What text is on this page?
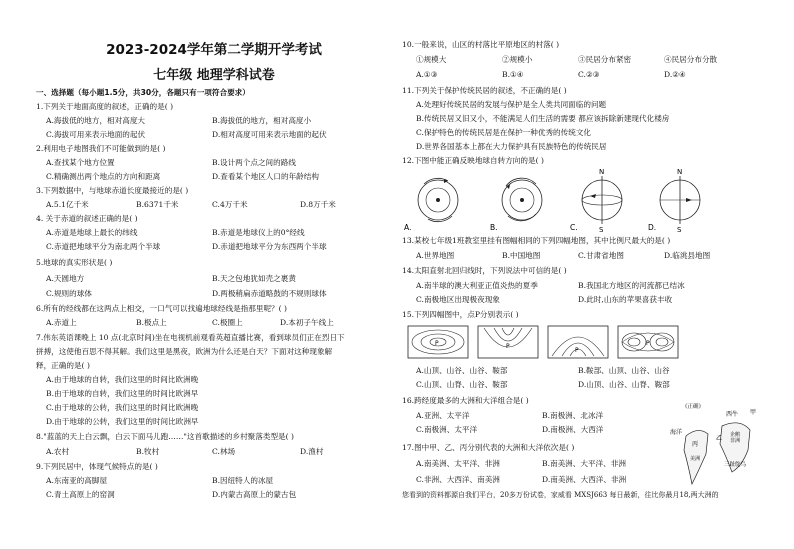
2023-2024学年第二学期开学考试
七年级 地理学科试卷
一、选择题（每小题1.5分，共30分，各题只有一项符合要求）
1.下列关于地面高度的叙述，正确的是( )
A.海拔低的地方，相对高度大	B.海拔低的地方，相对高度小
C.海拔可用来表示地面的起伏	D.相对高度可用来表示地面的起伏
2.利用电子地图我们不可能做到的是( )
A.查找某个地方位置	B.设计两个点之间的路线
C.精确测出两个地点的方向和距离	D.查看某个地区人口的年龄结构
3.下列数据中，与地球赤道长度最接近的是( )
A.5.1亿千米	B.6371千米	C.4万千米	D.8万千米
4. 关于赤道的叙述正确的是( )
A.赤道是地球上最长的纬线	B.赤道是地球仪上的0°经线
C.赤道把地球平分为南北两个半球	D.赤道把地球平分为东西两个半球
5.地球的真实形状是( )
A.天圆地方	B.天之包地犹如壳之裹黄
C.规则的球体	D.两极稍扁赤道略鼓的不规则球体
6.所有的经线都在这两点上相交，一口气可以找遍地球经线是指那里呢？( )
A.赤道上	B.极点上	C.极圈上	D.本初子午线上
7.伟东英语课晚上 10 点(北京时间)坐在电视机前观看英超直播比赛，看到球员们正在烈日下
拼搏，这使他百思不得其解。我们这里是黑夜，欧洲为什么还是白天？下面对这种现象解
释，正确的是( )
A.由于地球的自转，我们这里的时间比欧洲晚
B.由于地球的自转，我们这里的时间比欧洲早
C.由于地球的公转，我们这里的时间比欧洲晚
D.由于地球的公转，我们这里的时间比欧洲早
8."蓝蓝的天上白云飘，白云下面马儿跑……"这首歌描述的乡村聚落类型是( )
A.农村	B.牧村	C.林场	D.渔村
9.下列民居中，体现气候特点的是( )
A.东南亚的高脚屋	B.因纽特人的冰屋
C.青土高原上的窑洞	D.内蒙古高原上的蒙古包
10.一般来说，山区的村落比平原地区的村落( )
①规模大	②规模小	③民居分布紧密	④民居分布分散
A.①③	B.①④	C.②③	D.②④
11.下列关于保护传统民居的叙述，不正确的是( )
A.处理好传统民居的发展与保护是全人类共同面临的问题
B.传统民居又旧又小，不能满足人们生活的需要 都应该拆除新建现代化楼房
C.保护特色的传统民居是在保护一种优秀的传统文化
D.世界各国基本上都在大力保护具有民族特色的传统民居
12.下图中能正确反映地球自转方向的是( )
A.	B.
N
S
C.
N
S
D.
13.某校七年级1班教室里挂有图幅相同的下列四幅地图，其中比例尺最大的是( )
A.世界地图	B.中国地图	C.甘肃省地图	D.临洮县地图
14.太阳直射北回归线时，下列说法中可信的是( )
A.南半球的澳大利亚正值炎热的夏季	B.我国北方地区的河流都已结冰
C.南极地区出现极夜现象	D.此时,山东的苹果喜获丰收
15.下列四幅图中，点P分别表示( )
P	P
P
P
A.山顶、山谷、山谷、鞍部	B.鞍部、山顶、山谷、山谷
C.山顶、山脊、山谷、鞍部	D.山顶、山谷、山脊、鞍部
16.跨经度最多的大洲和大洋组合是( )
A.亚洲、太平洋	B.南极洲、北冰洋
C.南极洲、太平洋	D.南极洲、大西洋
17.图中甲、乙、丙分别代表的大洲和大洋依次是( )
A.南美洲、太平洋、非洲	B.南美洲、大平洋、非洲
C.非洲、大西洋、南美洲	D.南美洲、大西洋、非洲
《正确》
西牛 甲
海洋
乙
丙
三趾鸵鸟
美洲
非洲
企鹅
您看到的资料都源自我们平台，20多万份试卷，家威看 MXSJ663 每日最新，往比你最月18,两大洲的
